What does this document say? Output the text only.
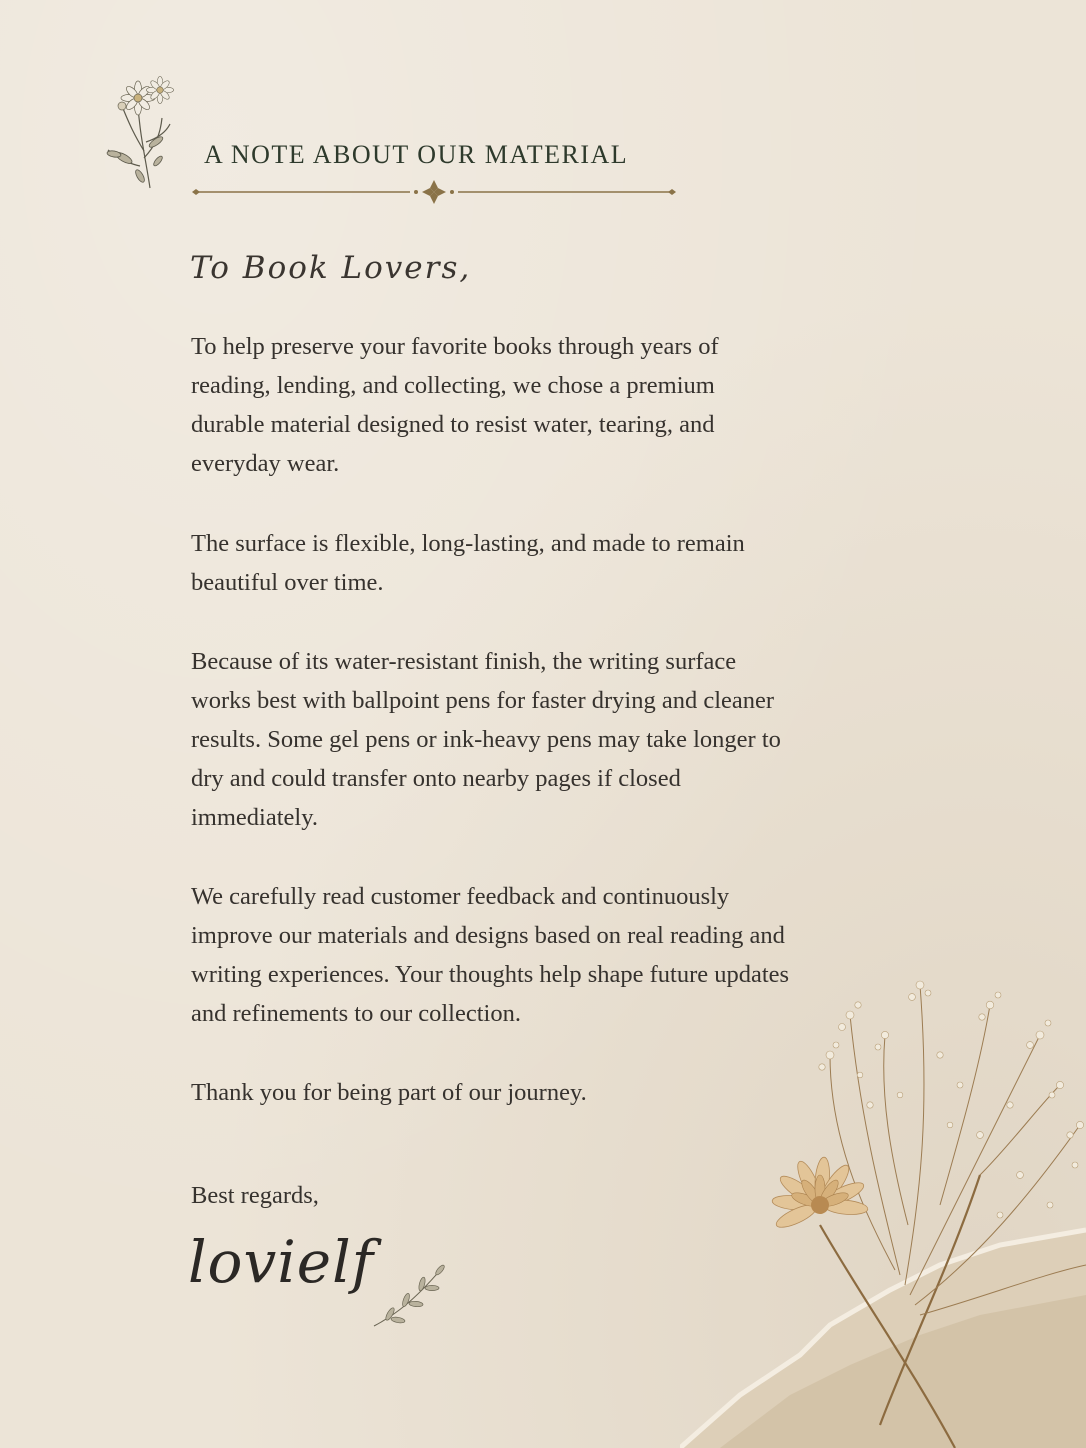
A NOTE ABOUT OUR MATERIAL
To Book Lovers,

To help preserve your favorite books through years of reading, lending, and collecting, we chose a premium durable material designed to resist water, tearing, and everyday wear.

The surface is flexible, long-lasting, and made to remain beautiful over time.

Because of its water-resistant finish, the writing surface works best with ballpoint pens for faster drying and cleaner results. Some gel pens or ink-heavy pens may take longer to dry and could transfer onto nearby pages if closed immediately.

We carefully read customer feedback and continuously improve our materials and designs based on real reading and writing experiences. Your thoughts help shape future updates and refinements to our collection.

Thank you for being part of our journey.

Best regards,
lovielf
